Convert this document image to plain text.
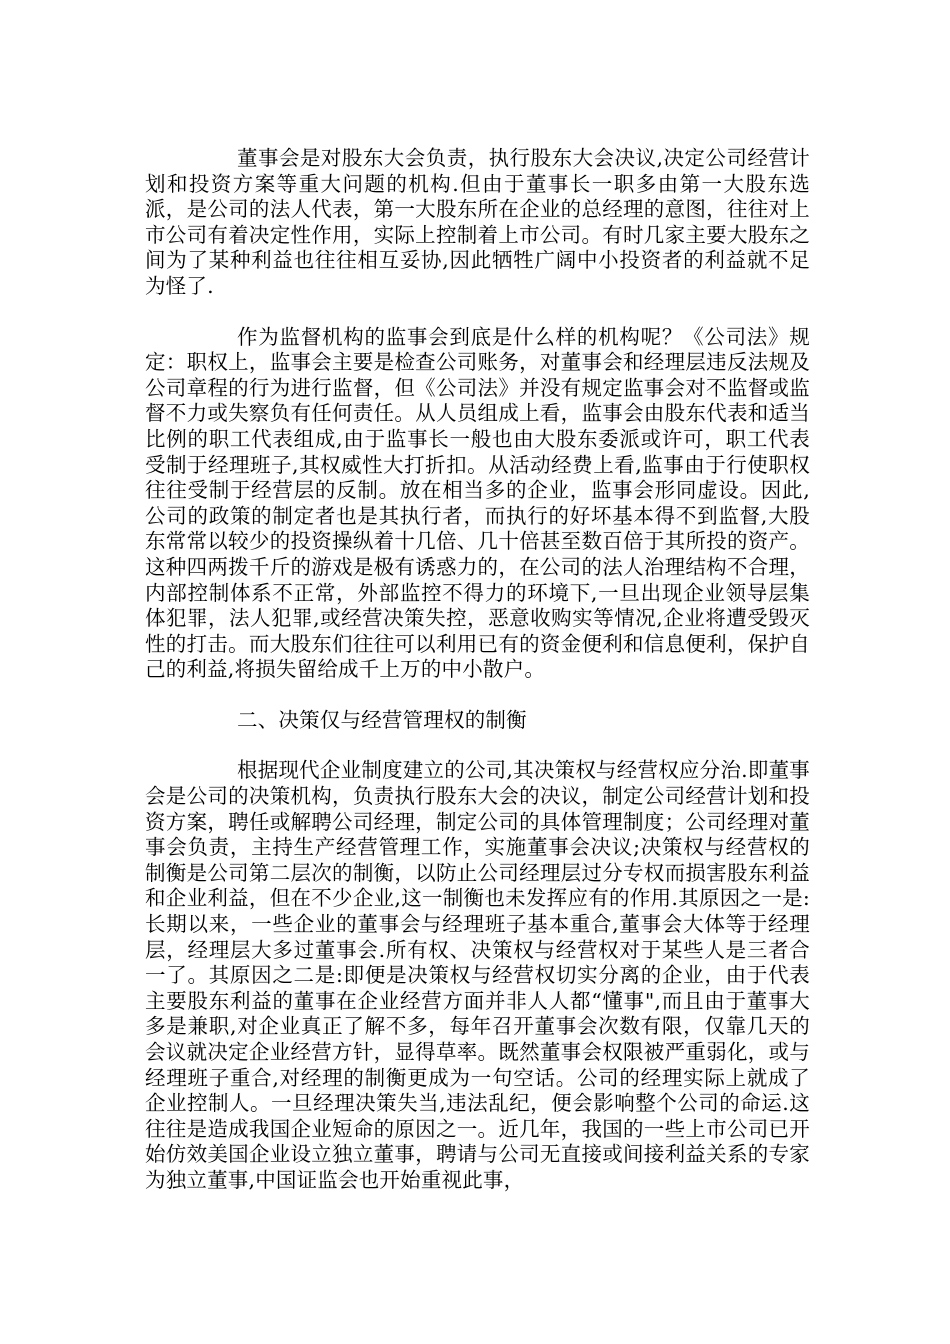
董事会是对股东大会负责，执行股东大会决议,决定公司经营计划和投资方案等重大问题的机构.但由于董事长一职多由第一大股东选派，是公司的法人代表，第一大股东所在企业的总经理的意图，往往对上市公司有着决定性作用，实际上控制着上市公司。有时几家主要大股东之间为了某种利益也往往相互妥协,因此牺牲广阔中小投资者的利益就不足为怪了.

作为监督机构的监事会到底是什么样的机构呢？《公司法》规定：职权上，监事会主要是检查公司账务，对董事会和经理层违反法规及公司章程的行为进行监督，但《公司法》并没有规定监事会对不监督或监督不力或失察负有任何责任。从人员组成上看，监事会由股东代表和适当比例的职工代表组成,由于监事长一般也由大股东委派或许可，职工代表受制于经理班子,其权威性大打折扣。从活动经费上看,监事由于行使职权往往受制于经营层的反制。放在相当多的企业，监事会形同虚设。因此,公司的政策的制定者也是其执行者，而执行的好坏基本得不到监督,大股东常常以较少的投资操纵着十几倍、几十倍甚至数百倍于其所投的资产。这种四两拨千斤的游戏是极有诱惑力的，在公司的法人治理结构不合理，内部控制体系不正常，外部监控不得力的环境下,一旦出现企业领导层集体犯罪，法人犯罪,或经营决策失控，恶意收购实等情况,企业将遭受毁灭性的打击。而大股东们往往可以利用已有的资金便利和信息便利，保护自己的利益,将损失留给成千上万的中小散户。

二、决策仅与经营管理权的制衡

根据现代企业制度建立的公司,其决策权与经营权应分治.即董事会是公司的决策机构，负责执行股东大会的决议，制定公司经营计划和投资方案，聘任或解聘公司经理，制定公司的具体管理制度；公司经理对董事会负责，主持生产经营管理工作，实施董事会决议;决策权与经营权的制衡是公司第二层次的制衡，以防止公司经理层过分专权而损害股东利益和企业利益，但在不少企业,这一制衡也未发挥应有的作用.其原因之一是:长期以来，一些企业的董事会与经理班子基本重合,董事会大体等于经理层，经理层大多过董事会.所有权、决策权与经营权对于某些人是三者合一了。其原因之二是:即便是决策权与经营权切实分离的企业，由于代表主要股东利益的董事在企业经营方面并非人人都“懂事",而且由于董事大多是兼职,对企业真正了解不多，每年召开董事会次数有限，仅靠几天的会议就决定企业经营方针，显得草率。既然董事会权限被严重弱化，或与经理班子重合,对经理的制衡更成为一句空话。公司的经理实际上就成了企业控制人。一旦经理决策失当,违法乱纪，便会影响整个公司的命运.这往往是造成我国企业短命的原因之一。近几年，我国的一些上市公司已开始仿效美国企业设立独立董事，聘请与公司无直接或间接利益关系的专家为独立董事,中国证监会也开始重视此事，
